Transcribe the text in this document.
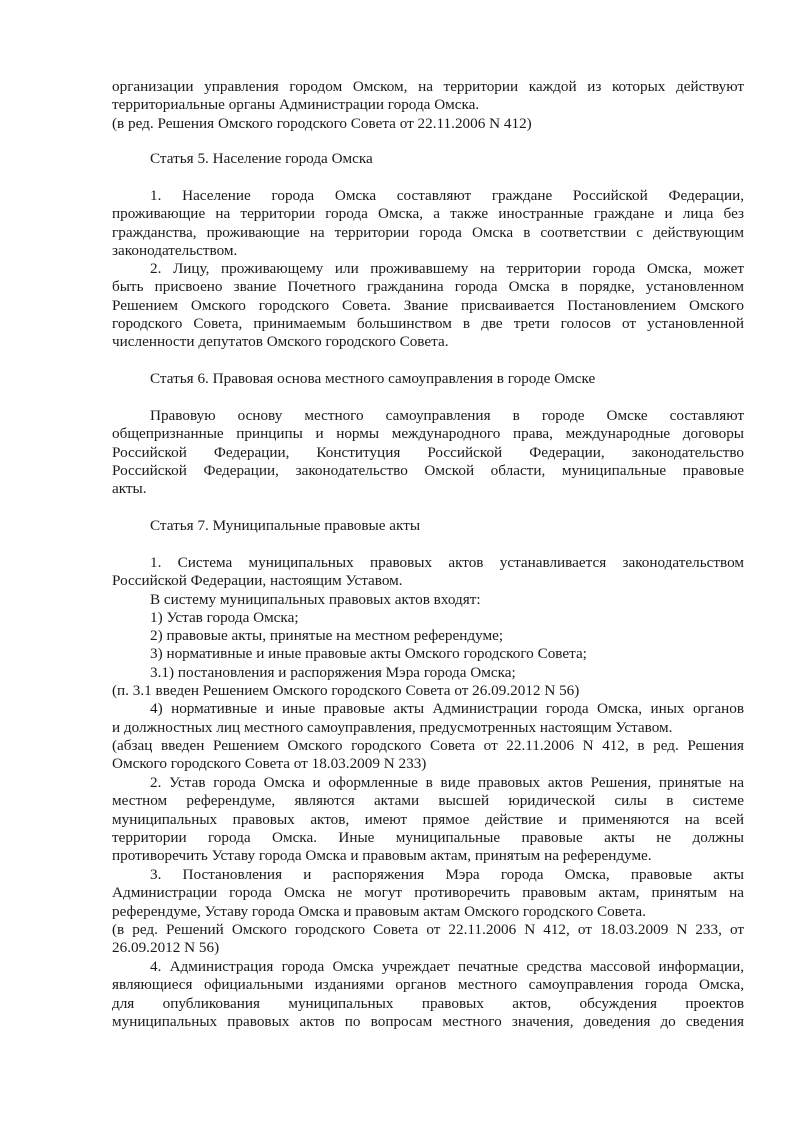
организации управления городом Омском, на территории каждой из которых действуют
территориальные органы Администрации города Омска.
(в ред. Решения Омского городского Совета от 22.11.2006 N 412)
Статья 5. Население города Омска
1. Население города Омска составляют граждане Российской Федерации,
проживающие на территории города Омска, а также иностранные граждане и лица без
гражданства, проживающие на территории города Омска в соответствии с действующим
законодательством.
2. Лицу, проживающему или проживавшему на территории города Омска, может
быть присвоено звание Почетного гражданина города Омска в порядке, установленном
Решением Омского городского Совета. Звание присваивается Постановлением Омского
городского Совета, принимаемым большинством в две трети голосов от установленной
численности депутатов Омского городского Совета.
Статья 6. Правовая основа местного самоуправления в городе Омске
Правовую основу местного самоуправления в городе Омске составляют
общепризнанные принципы и нормы международного права, международные договоры
Российской Федерации, Конституция Российской Федерации, законодательство
Российской Федерации, законодательство Омской области, муниципальные правовые
акты.
Статья 7. Муниципальные правовые акты
1. Система муниципальных правовых актов устанавливается законодательством
Российской Федерации, настоящим Уставом.
В систему муниципальных правовых актов входят:
1) Устав города Омска;
2) правовые акты, принятые на местном референдуме;
3) нормативные и иные правовые акты Омского городского Совета;
3.1) постановления и распоряжения Мэра города Омска;
(п. 3.1 введен Решением Омского городского Совета от 26.09.2012 N 56)
4) нормативные и иные правовые акты Администрации города Омска, иных органов
и должностных лиц местного самоуправления, предусмотренных настоящим Уставом.
(абзац введен Решением Омского городского Совета от 22.11.2006 N 412, в ред. Решения
Омского городского Совета от 18.03.2009 N 233)
2. Устав города Омска и оформленные в виде правовых актов Решения, принятые на
местном референдуме, являются актами высшей юридической силы в системе
муниципальных правовых актов, имеют прямое действие и применяются на всей
территории города Омска. Иные муниципальные правовые акты не должны
противоречить Уставу города Омска и правовым актам, принятым на референдуме.
3. Постановления и распоряжения Мэра города Омска, правовые акты
Администрации города Омска не могут противоречить правовым актам, принятым на
референдуме, Уставу города Омска и правовым актам Омского городского Совета.
(в ред. Решений Омского городского Совета от 22.11.2006 N 412, от 18.03.2009 N 233, от
26.09.2012 N 56)
4. Администрация города Омска учреждает печатные средства массовой информации,
являющиеся официальными изданиями органов местного самоуправления города Омска,
для опубликования муниципальных правовых актов, обсуждения проектов
муниципальных правовых актов по вопросам местного значения, доведения до сведения
